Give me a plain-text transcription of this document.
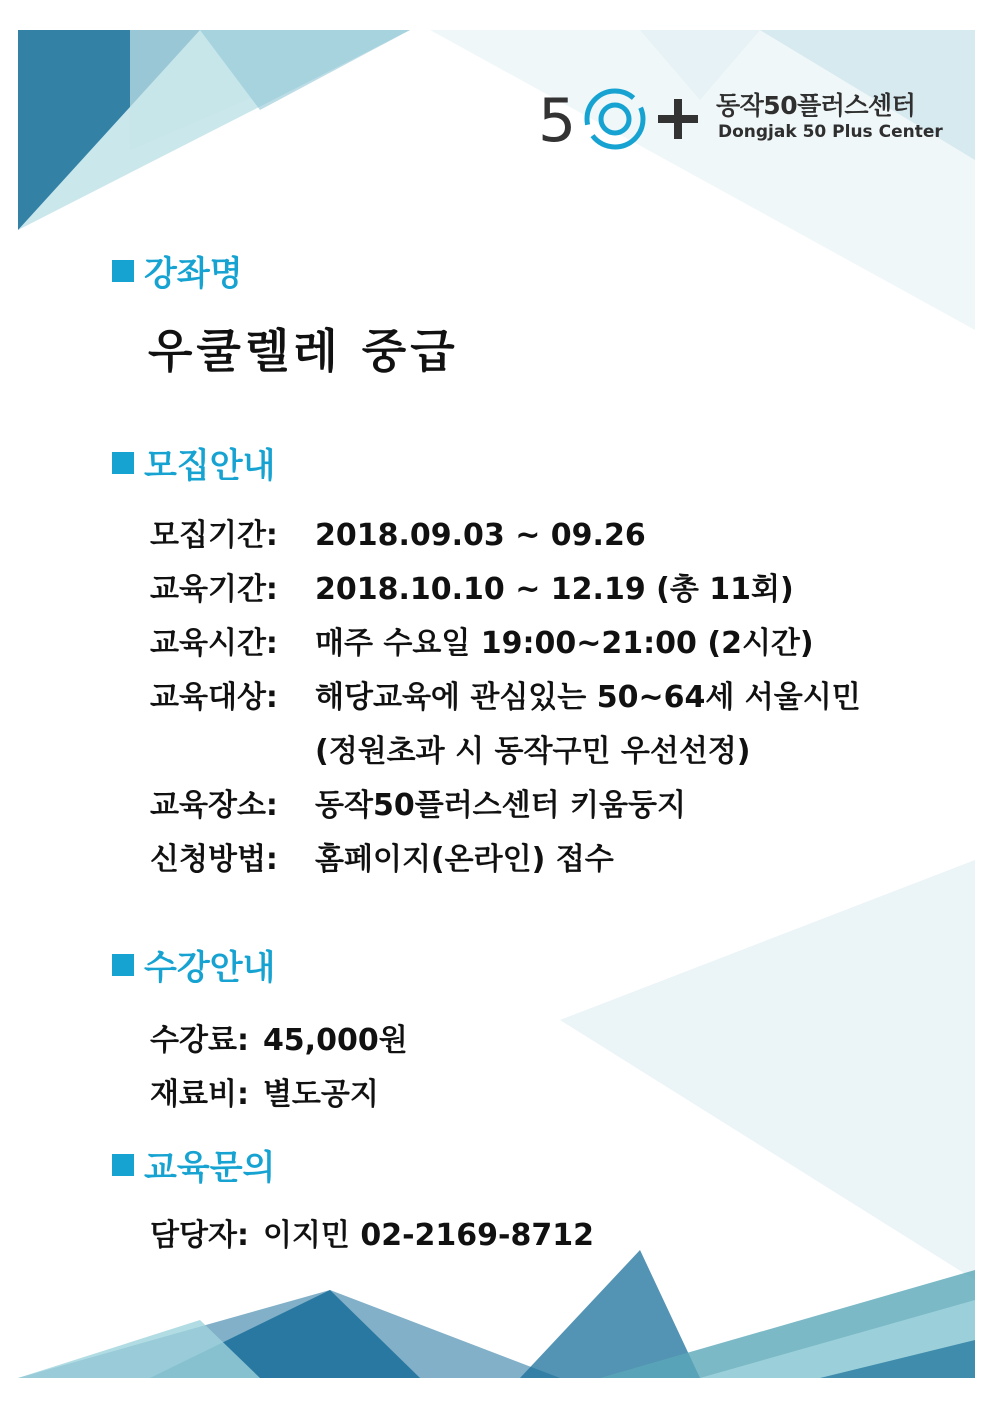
5	동작50플러스센터
Dongjak 50 Plus Center
강좌명
우쿨렐레 중급
모집안내
모집기간: 2018.09.03 ~ 09.26
교육기간: 2018.10.10 ~ 12.19 (총 11회)
교육시간: 매주 수요일 19:00~21:00 (2시간)
교육대상: 해당교육에 관심있는 50~64세 서울시민
(정원초과 시 동작구민 우선선정)
교육장소: 동작50플러스센터 키움둥지
신청방법: 홈페이지(온라인) 접수
수강안내
수강료: 45,000원
재료비: 별도공지
교육문의
담당자: 이지민 02-2169-8712
